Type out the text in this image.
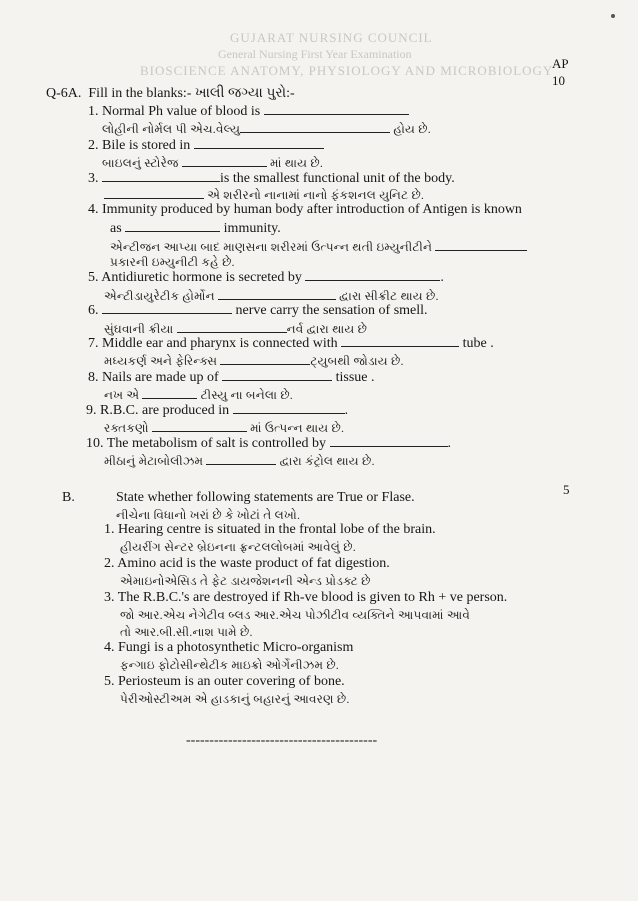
GUJARAT NURSING COUNCIL
General Nursing First Year Examination
BIOSCIENCE ANATOMY, PHYSIOLOGY AND MICROBIOLOGY
AP
10
Q-6A. Fill in the blanks:- ખાલી જગ્યા પુરો:-
1. Normal Ph value of blood is
લોહીની નોર્મલ પી એચ.વેલ્યુ	હોય છે.
2. Bile is stored in
બાઇલનું સ્ટોરેજ	માં થાય છે.
3.	is the smallest functional unit of the body.
એ શરીરનો નાનામાં નાનો ફંકશનલ યુનિટ છે.
4. Immunity produced by human body after introduction of Antigen is known
as	immunity.
એન્ટીજન આપ્યા બાદ માણસના શરીરમાં ઉત્પન્ન થતી ઇમ્યુનીટીને
પ્રકારની ઇમ્યુનીટી કહે છે.
5. Antidiuretic hormone is secreted by	.
એન્ટીડાયુરેટીક હોર્મોન	દ્વારા સીક્રીટ થાય છે.
6.	nerve carry the sensation of smell.
સુંઘવાની ક્રીયા	નર્વ દ્વારા થાય છે
7. Middle ear and pharynx is connected with	tube .
મધ્યકર્ણ અને ફેરિન્ક્સ	ટ્યુબથી જોડાય છે.
8. Nails are made up of	tissue .
નખ એ	ટીસ્યુ ના બનેલા છે.
9. R.B.C. are produced in	.
રક્તકણો	માં ઉત્પન્ન થાય છે.
10. The metabolism of salt is controlled by	.
મીઠાનું મેટાબોલીઝમ	દ્વારા કંટ્રોલ થાય છે.
5
B.	State whether following statements are True or Flase.
નીચેના વિધાનો ખરાં છે કે ખોટાં તે લખો.
1. Hearing centre is situated in the frontal lobe of the brain.
હીયરીંગ સેન્ટર બ્રેઇનના ફ્રન્ટલલોબમાં આવેલું છે.
2. Amino acid is the waste product of fat digestion.
એમાઇનોએસિડ તે ફેટ ડાયજેશનની એન્ડ પ્રોડક્ટ છે
3. The R.B.C.'s are destroyed if Rh-ve blood is given to Rh + ve person.
જો આર.એચ નેગેટીવ બ્લડ આર.એચ પોઝીટીવ વ્યક્તિને આપવામાં આવે
તો આર.બી.સી.નાશ પામે છે.
4. Fungi is a photosynthetic Micro-organism
ફન્ગાઇ ફોટોસીન્થેટીક માઇક્રો ઓર્ગેનીઝમ છે.
5. Periosteum is an outer covering of bone.
પેરીઓસ્ટીઅમ એ હાડકાનું બહારનું આવરણ છે.
-----------------------------------------
